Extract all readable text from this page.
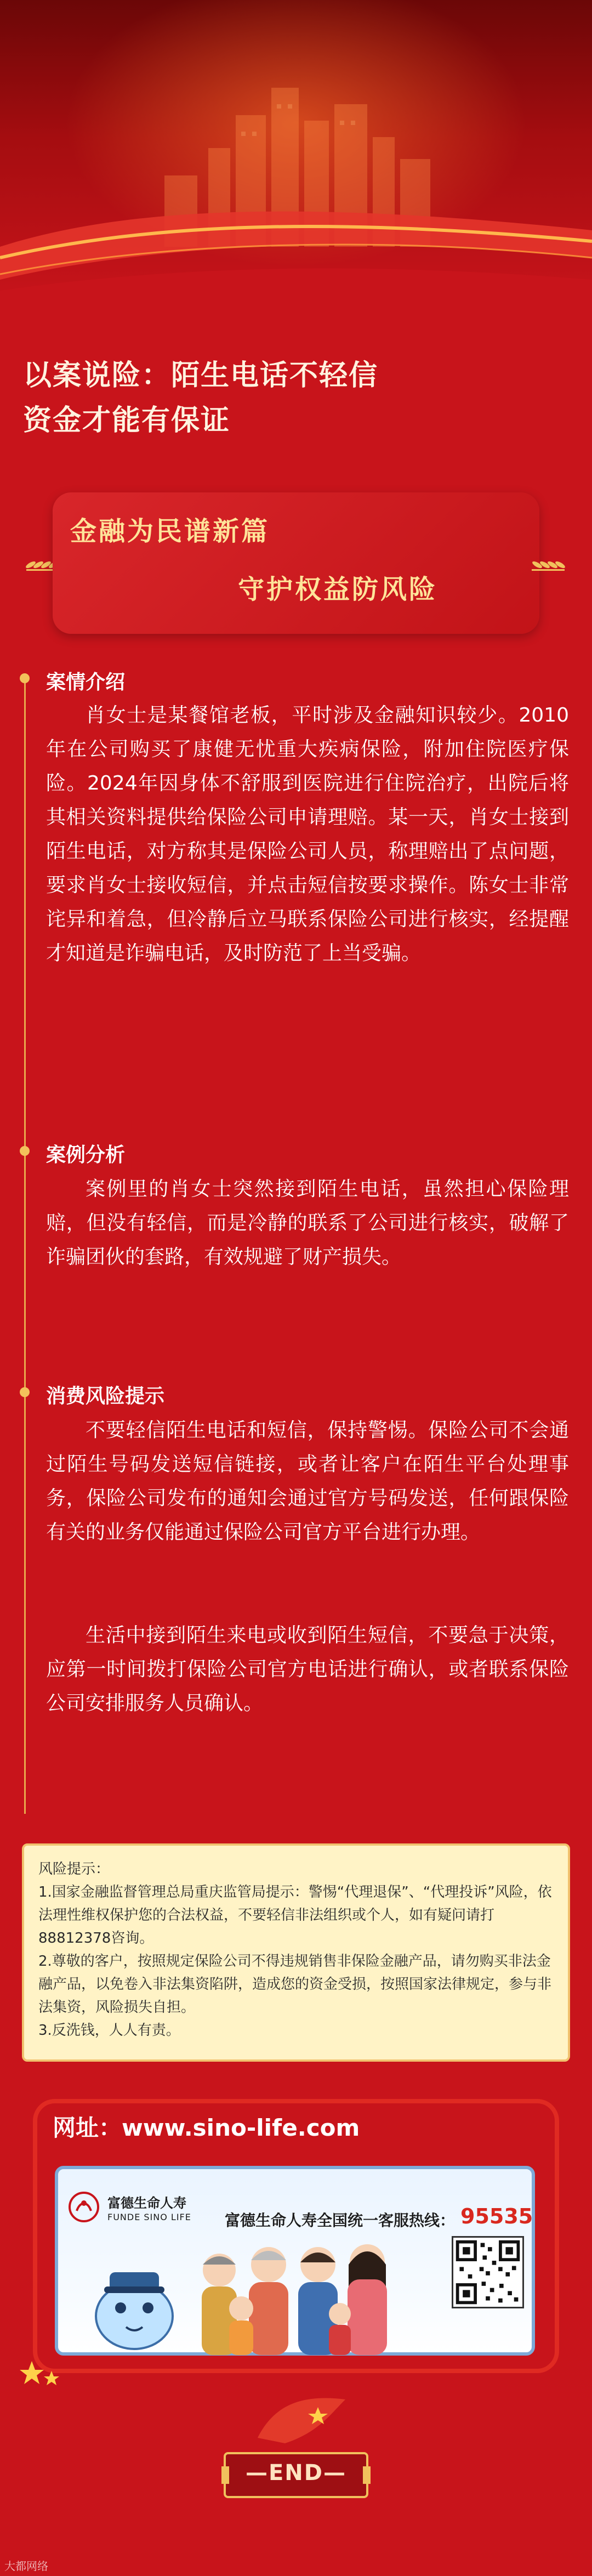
以案说险：陌生电话不轻信
资金才能有保证
金融为民谱新篇
守护权益防风险
案情介绍

肖女士是某餐馆老板，平时涉及金融知识较少。2010年在公司购买了康健无忧重大疾病保险，附加住院医疗保险。2024年因身体不舒服到医院进行住院治疗，出院后将其相关资料提供给保险公司申请理赔。某一天，肖女士接到陌生电话，对方称其是保险公司人员，称理赔出了点问题，要求肖女士接收短信，并点击短信按要求操作。陈女士非常诧异和着急，但冷静后立马联系保险公司进行核实，经提醒才知道是诈骗电话，及时防范了上当受骗。

案例分析

案例里的肖女士突然接到陌生电话，虽然担心保险理赔，但没有轻信，而是冷静的联系了公司进行核实，破解了诈骗团伙的套路，有效规避了财产损失。

消费风险提示

不要轻信陌生电话和短信，保持警惕。保险公司不会通过陌生号码发送短信链接，或者让客户在陌生平台处理事务，保险公司发布的通知会通过官方号码发送，任何跟保险有关的业务仅能通过保险公司官方平台进行办理。

生活中接到陌生来电或收到陌生短信，不要急于决策，应第一时间拨打保险公司官方电话进行确认，或者联系保险公司安排服务人员确认。

风险提示：

1.国家金融监督管理总局重庆监管局提示：警惕“代理退保”、“代理投诉”风险，依法理性维权保护您的合法权益，不要轻信非法组织或个人，如有疑问请打88812378咨询。

2.尊敬的客户，按照规定保险公司不得违规销售非保险金融产品，请勿购买非法金融产品，以免卷入非法集资陷阱，造成您的资金受损，按照国家法律规定，参与非法集资，风险损失自担。

3.反洗钱，人人有责。

网址：www.sino-life.com
富德生命人寿
FUNDE SINO LIFE 富德生命人寿全国统一客服热线： 95535
—END—
大都网络
